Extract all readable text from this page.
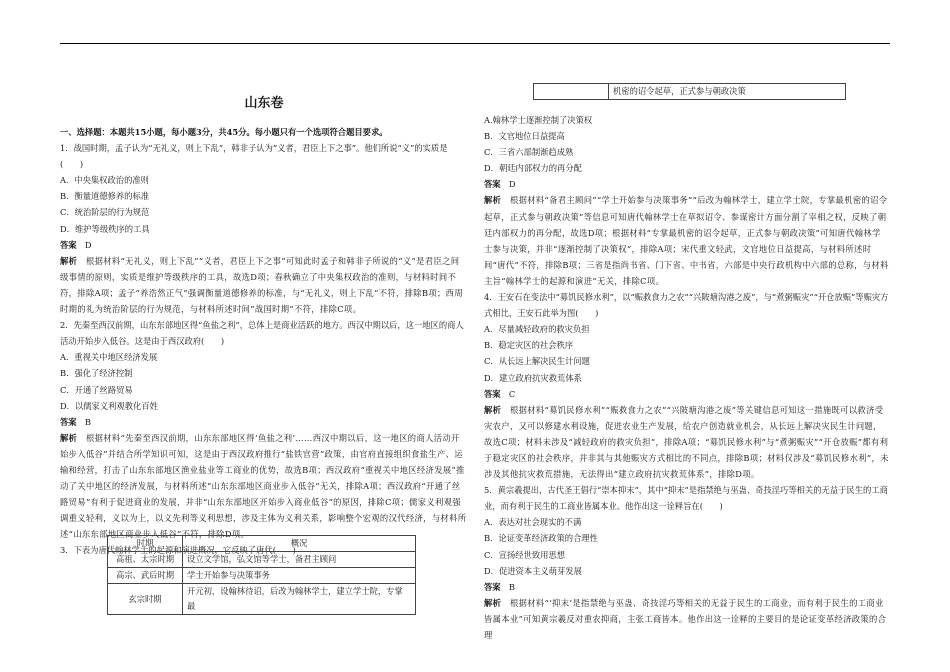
山东卷

一、选择题：本题共15小题，每小题3分，共45分。每小题只有一个选项符合题目要求。

1．战国时期，孟子认为“无礼义，则上下乱”，韩非子认为“义者，君臣上下之事”。他们所说“义”的实质是(　　)

A．中央集权政治的准则

B．衡量道德修养的标准

C．统治阶层的行为规范

D．维护等级秩序的工具

答案　 D

解析　 根据材料“无礼义，则上下乱”“义者，君臣上下之事”可知此时孟子和韩非子所说的“义”是君臣之间级事情的原则，实质是维护等级秩序的工具，故选D项；春秋确立了中央集权政治的准则，与材料时间不符，排除A项；孟子“养浩然正气”强调衡量道德修养的标准，与“无礼义，则上下乱”不符，排除B项；西周时期的礼为统治阶层的行为规范，与材料所述时间“战国时期”不符，排除C项。

2．先秦至西汉前期，山东东部地区得“鱼盐之利”，总体上是商业活跃的地方。西汉中期以后，这一地区的商人活动开始步入低谷。这是由于西汉政府(　　)

A．重视关中地区经济发展

B．强化了经济控制

C．开通了丝路贸易

D．以儒家义利观教化百姓

答案　 B

解析　 根据材料“先秦至西汉前期，山东东部地区得‘鱼盐之利’……西汉中期以后，这一地区的商人活动开始步入低谷”并结合所学知识可知，这是由于西汉政府推行“盐铁官营”政策，由官府直接组织食盐生产、运输和经营，打击了山东东部地区渔业盐业等工商业的优势，故选B项；西汉政府“重视关中地区经济发展”推动了关中地区的经济发展，与材料所述“山东东部地区商业步入低谷”无关，排除A项；西汉政府“开通了丝路贸易”有利于促进商业的发展，并非“山东东部地区开始步入商业低谷”的原因，排除C项；儒家义利观强调重义轻利，义以为上，以义先利等义利思想，涉及主体为义利关系，影响整个宏观的汉代经济，与材料所述“山东东部地区商业步入低谷”不符，排除D项。

3．下表为唐代翰林学士的起源和演进概况，它反映了唐代(　　)

时期	概况
高祖、太宗时期	设立文学馆，弘文馆等学士，备君主顾问
高宗、武后时期	学士开始参与决策事务
玄宗时期	开元初，设翰林待诏，后改为翰林学士，建立学士院，专掌最
	机密的诏令起草，正式参与朝政决策

A.翰林学士逐渐控制了决策权

B．文官地位日益提高

C．三省六部制渐趋成熟

D．朝廷内部权力的再分配

答案　 D

解析　 根据材料“备君主顾问”“学士开始参与决策事务”“后改为翰林学士，建立学士院，专掌最机密的诏令起草，正式参与朝政决策”等信息可知唐代翰林学士在草拟诏令、参谋密计方面分割了宰相之权，反映了朝廷内部权力的再分配，故选D项；根据材料“专掌最机密的诏令起草，正式参与朝政决策”可知唐代翰林学士参与决策，并非“逐渐控制了决策权”，排除A项；宋代重文轻武，文官地位日益提高，与材料所述时间“唐代”不符，排除B项；三省是指尚书省、门下省、中书省，六部是中央行政机构中六部的总称，与材料主旨“翰林学士的起源和演进”无关，排除C项。

4．王安石在变法中“募饥民修水利”，以“赈救食力之农”“兴陂塘沟港之废”，与“煮粥赈灾”“开仓放赈”等赈灾方式相比，王安石此举为图(　　)

A．尽量减轻政府的救灾负担

B．稳定灾区的社会秩序

C．从长远上解决民生计问题

D．建立政府抗灾救荒体系

答案　 C

解析　 根据材料“募饥民修水利”“赈救食力之农”“兴陂塘沟港之废”等关键信息可知这一措施既可以救济受灾农户，又可以修建水利设施，促进农业生产发展，给农户创造就业机会，从长远上解决灾民生计问题，故选C项；材料未涉及“减轻政府的救灾负担”，排除A项；“募饥民修水利”与“煮粥赈灾”“开仓放赈”都有利于稳定灾区的社会秩序，并非其与其他赈灾方式相比的不同点，排除B项；材料仅涉及“募饥民修水利”，未涉及其他抗灾救荒措施，无法得出“建立政府抗灾救荒体系”，排除D项。

5．黄宗羲提出，古代圣王倡行“崇本抑末”，其中“抑末”是指禁绝与巫蛊、奇技淫巧等相关的无益于民生的工商业，而有利于民生的工商业皆属本业。他作出这一诠释旨在(　　)

A．表达对社会现实的不满

B．论证变革经济政策的合理性

C．宣扬经世致用思想

D．促进资本主义萌芽发展

答案　 B

解析　 根据材料“‘抑末’是指禁绝与巫蛊、奇技淫巧等相关的无益于民生的工商业，而有利于民生的工商业皆属本业”可知黄宗羲反对重农抑商，主张工商皆本。他作出这一诠释的主要目的是论证变革经济政策的合理
